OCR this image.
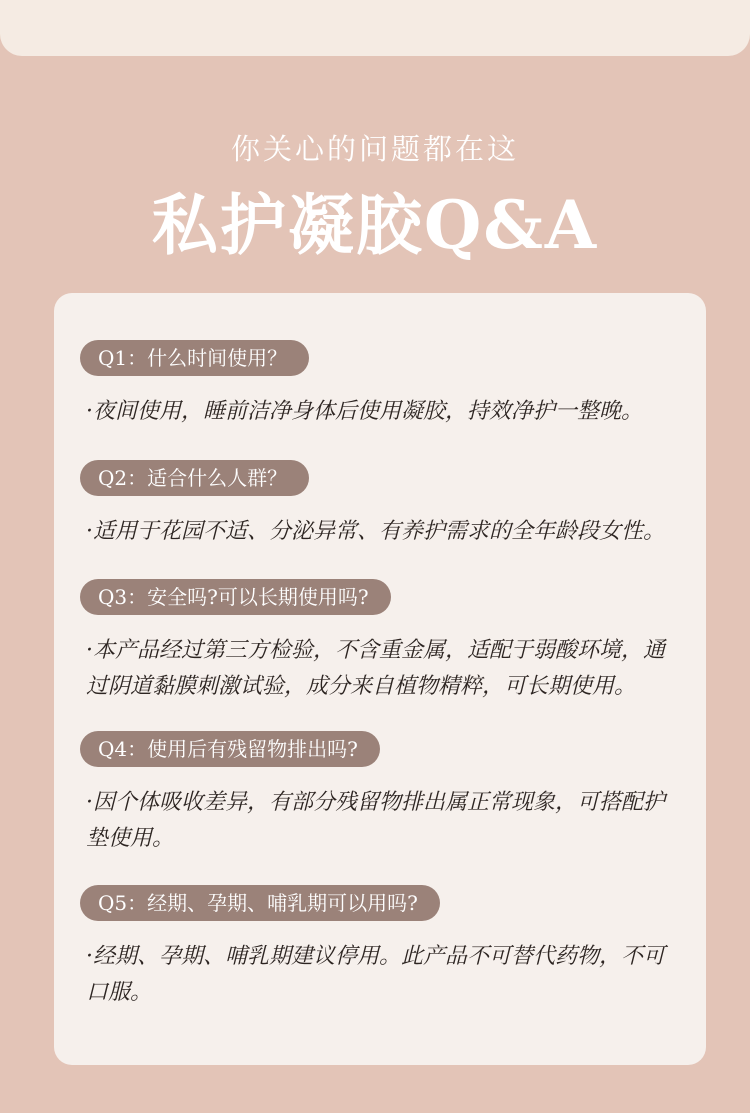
你关心的问题都在这
私护凝胶Q&A
Q1：什么时间使用？
·夜间使用，睡前洁净身体后使用凝胶，持效净护一整晚。
Q2：适合什么人群？
·适用于花园不适、分泌异常、有养护需求的全年龄段女性。
Q3：安全吗?可以长期使用吗?
·本产品经过第三方检验，不含重金属，适配于弱酸环境，通过阴道黏膜刺激试验，成分来自植物精粹，可长期使用。
Q4：使用后有残留物排出吗?
·因个体吸收差异，有部分残留物排出属正常现象，可搭配护垫使用。
Q5：经期、孕期、哺乳期可以用吗?
·经期、孕期、哺乳期建议停用。此产品不可替代药物，不可口服。
